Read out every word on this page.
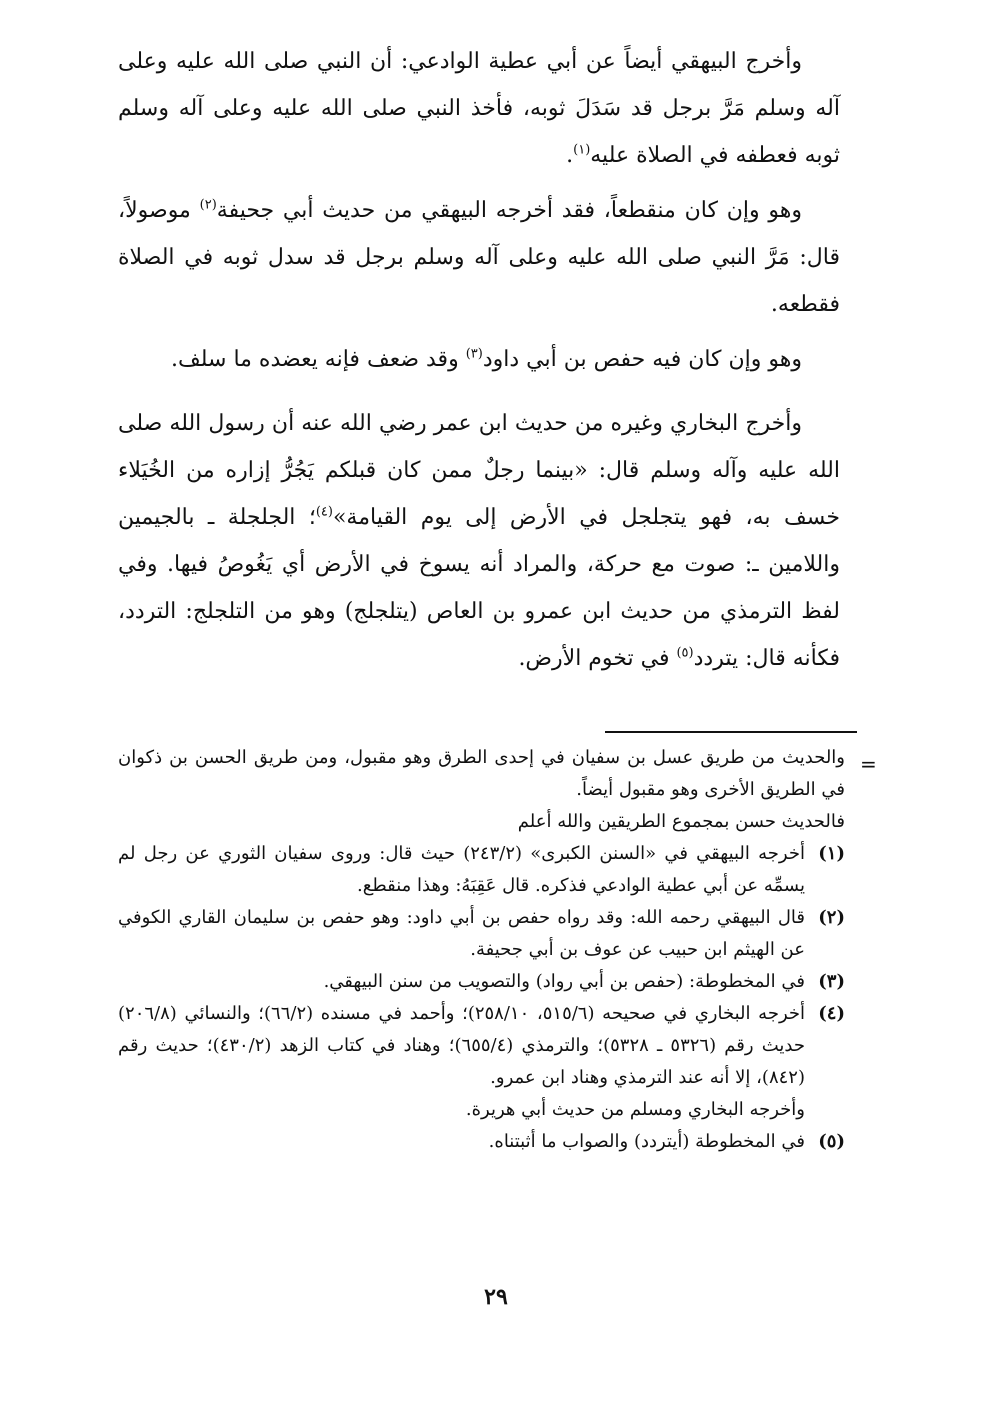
وأخرج البيهقي أيضاً عن أبي عطية الوادعي: أن النبي صلى الله عليه وعلى آله وسلم مَرَّ برجل قد سَدَلَ ثوبه، فأخذ النبي صلى الله عليه وعلى آله وسلم ثوبه فعطفه في الصلاة عليه$^{(١)}$.

وهو وإن كان منقطعاً، فقد أخرجه البيهقي من حديث أبي جحيفة$^{(٢)}$ موصولاً، قال: مَرَّ النبي صلى الله عليه وعلى آله وسلم برجل قد سدل ثوبه في الصلاة فقطعه.

وهو وإن كان فيه حفص بن أبي داود$^{(٣)}$ وقد ضعف فإنه يعضده ما سلف.

وأخرج البخاري وغيره من حديث ابن عمر رضي الله عنه أن رسول الله صلى الله عليه وآله وسلم قال: «بينما رجلٌ ممن كان قبلكم يَجُرُّ إزاره من الخُيَلاء خسف به، فهو يتجلجل في الأرض إلى يوم القيامة»$^{(٤)}$؛ الجلجلة ـ بالجيمين واللامين ـ: صوت مع حركة، والمراد أنه يسوخ في الأرض أي يَغُوصُ فيها. وفي لفظ الترمذي من حديث ابن عمرو بن العاص (يتلجلج) وهو من التلجلج: التردد، فكأنه قال: يتردد$^{(٥)}$ في تخوم الأرض.

=

والحديث من طريق عسل بن سفيان في إحدى الطرق وهو مقبول، ومن طريق الحسن بن ذكوان في الطريق الأخرى وهو مقبول أيضاً.

فالحديث حسن بمجموع الطريقين والله أعلم

(١)
أخرجه البيهقي في «السنن الكبرى» (٢٤٣/٢) حيث قال: وروى سفيان الثوري عن رجل لم يسمِّه عن أبي عطية الوادعي فذكره. قال عَقِبَهُ: وهذا منقطع.
(٢)
قال البيهقي رحمه الله: وقد رواه حفص بن أبي داود: وهو حفص بن سليمان القاري الكوفي عن الهيثم ابن حبيب عن عوف بن أبي جحيفة.
(٣)
في المخطوطة: (حفص بن أبي رواد) والتصويب من سنن البيهقي.
(٤)
أخرجه البخاري في صحيحه (٥١٥/٦، ٢٥٨/١٠)؛ وأحمد في مسنده (٦٦/٢)؛ والنسائي (٢٠٦/٨) حديث رقم (٥٣٢٦ ـ ٥٣٢٨)؛ والترمذي (٦٥٥/٤)؛ وهناد في كتاب الزهد (٤٣٠/٢)؛ حديث رقم (٨٤٢)، إلا أنه عند الترمذي وهناد ابن عمرو.

وأخرجه البخاري ومسلم من حديث أبي هريرة.

(٥)
في المخطوطة (أيتردد) والصواب ما أثبتناه.
٢٩
